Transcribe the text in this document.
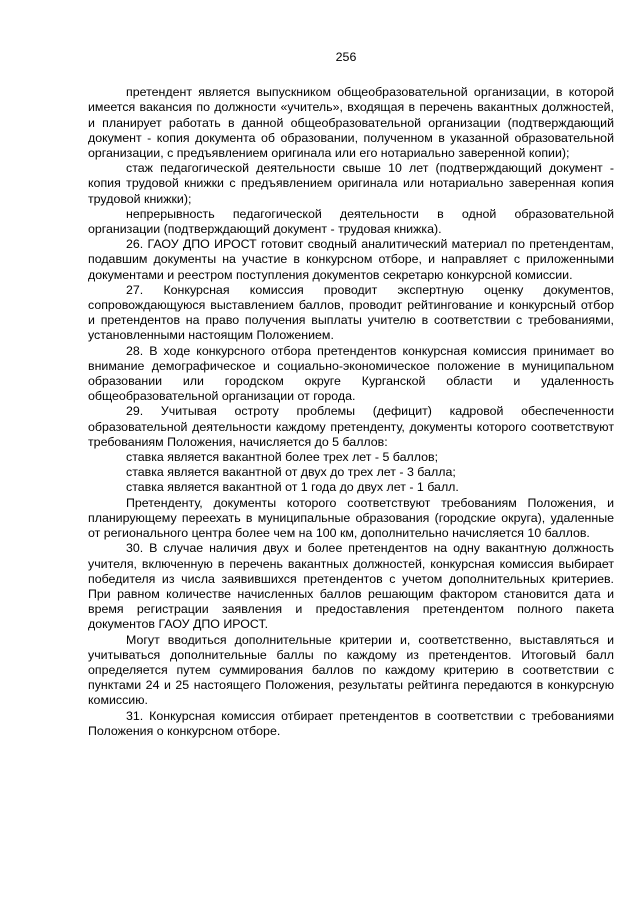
256

претендент является выпускником общеобразовательной организации, в которой имеется вакансия по должности «учитель», входящая в перечень вакантных должностей, и планирует работать в данной общеобразовательной организации (подтверждающий документ - копия документа об образовании, полученном в указанной образовательной организации, с предъявлением оригинала или его нотариально заверенной копии);

стаж педагогической деятельности свыше 10 лет (подтверждающий документ - копия трудовой книжки с предъявлением оригинала или нотариально заверенная копия трудовой книжки);

непрерывность педагогической деятельности в одной образовательной организации (подтверждающий документ - трудовая книжка).

26. ГАОУ ДПО ИРОСТ готовит сводный аналитический материал по претендентам, подавшим документы на участие в конкурсном отборе, и направляет с приложенными документами и реестром поступления документов секретарю конкурсной комиссии.

27. Конкурсная комиссия проводит экспертную оценку документов, сопровождающуюся выставлением баллов, проводит рейтингование и конкурсный отбор и претендентов на право получения выплаты учителю в соответствии с требованиями, установленными настоящим Положением.

28. В ходе конкурсного отбора претендентов конкурсная комиссия принимает во внимание демографическое и социально-экономическое положение в муниципальном образовании или городском округе Курганской области и удаленность общеобразовательной организации от города.

29. Учитывая остроту проблемы (дефицит) кадровой обеспеченности образовательной деятельности каждому претенденту, документы которого соответствуют требованиям Положения, начисляется до 5 баллов:

ставка является вакантной более трех лет - 5 баллов;

ставка является вакантной от двух до трех лет - 3 балла;

ставка является вакантной от 1 года до двух лет - 1 балл.

Претенденту, документы которого соответствуют требованиям Положения, и планирующему переехать в муниципальные образования (городские округа), удаленные от регионального центра более чем на 100 км, дополнительно начисляется 10 баллов.

30. В случае наличия двух и более претендентов на одну вакантную должность учителя, включенную в перечень вакантных должностей, конкурсная комиссия выбирает победителя из числа заявившихся претендентов с учетом дополнительных критериев. При равном количестве начисленных баллов решающим фактором становится дата и время регистрации заявления и предоставления претендентом полного пакета документов ГАОУ ДПО ИРОСТ.

Могут вводиться дополнительные критерии и, соответственно, выставляться и учитываться дополнительные баллы по каждому из претендентов. Итоговый балл определяется путем суммирования баллов по каждому критерию в соответствии с пунктами 24 и 25 настоящего Положения, результаты рейтинга передаются в конкурсную комиссию.

31. Конкурсная комиссия отбирает претендентов в соответствии с требованиями Положения о конкурсном отборе.
